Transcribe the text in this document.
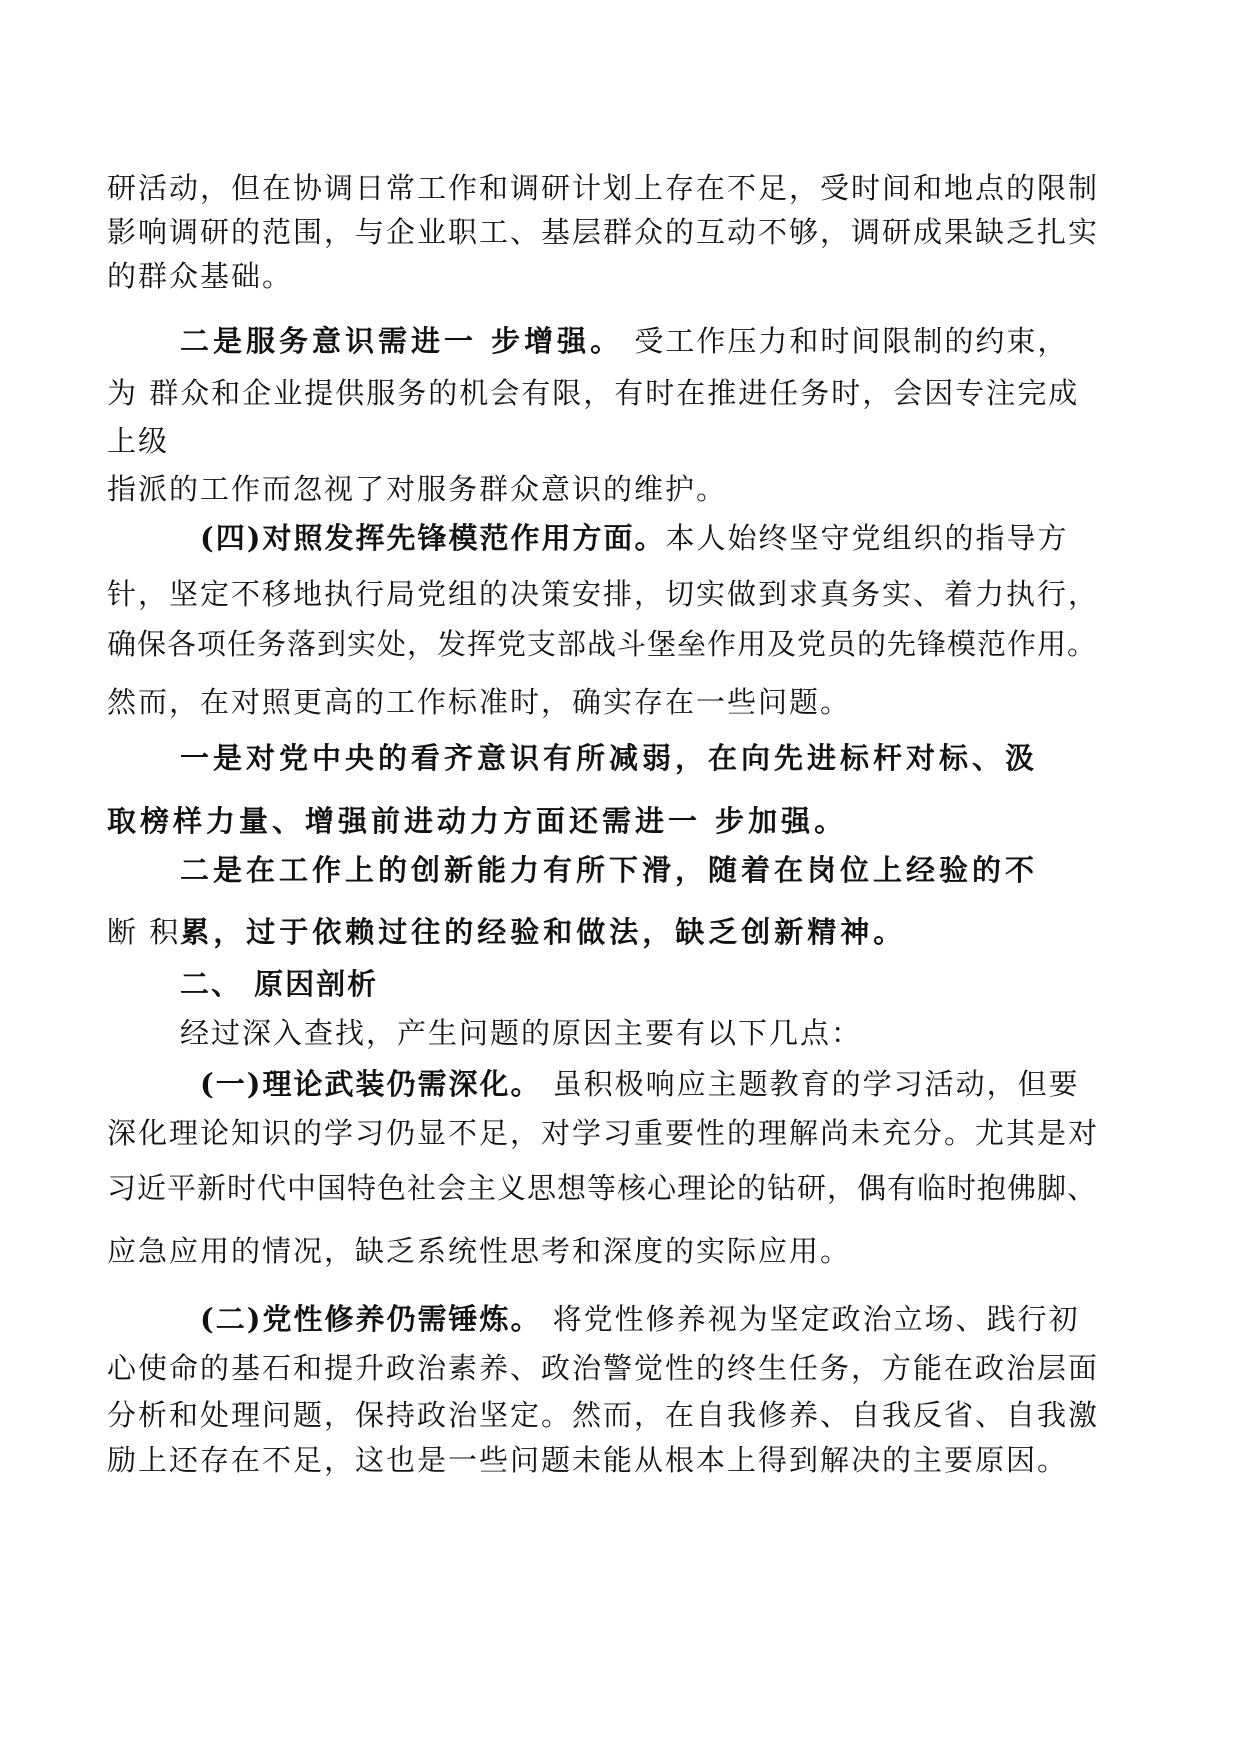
研活动，但在协调日常工作和调研计划上存在不足，受时间和地点的限制

影响调研的范围，与企业职工、基层群众的互动不够，调研成果缺乏扎实

的群众基础。

二是服务意识需进一 步增强。 受工作压力和时间限制的约束，

为 群众和企业提供服务的机会有限，有时在推进任务时，会因专注完成

上级

指派的工作而忽视了对服务群众意识的维护。

(四)对照发挥先锋模范作用方面。本人始终坚守党组织的指导方

针，坚定不移地执行局党组的决策安排，切实做到求真务实、着力执行，

确保各项任务落到实处，发挥党支部战斗堡垒作用及党员的先锋模范作用。

然而，在对照更高的工作标准时，确实存在一些问题。

一是对党中央的看齐意识有所减弱，在向先进标杆对标、汲

取榜样力量、增强前进动力方面还需进一 步加强。

二是在工作上的创新能力有所下滑，随着在岗位上经验的不

断 积累，过于依赖过往的经验和做法，缺乏创新精神。

二、 原因剖析

经过深入查找，产生问题的原因主要有以下几点：

(一)理论武装仍需深化。 虽积极响应主题教育的学习活动，但要

深化理论知识的学习仍显不足，对学习重要性的理解尚未充分。尤其是对

习近平新时代中国特色社会主义思想等核心理论的钻研，偶有临时抱佛脚、

应急应用的情况，缺乏系统性思考和深度的实际应用。

(二)党性修养仍需锤炼。 将党性修养视为坚定政治立场、践行初

心使命的基石和提升政治素养、政治警觉性的终生任务，方能在政治层面

分析和处理问题，保持政治坚定。然而，在自我修养、自我反省、自我激

励上还存在不足，这也是一些问题未能从根本上得到解决的主要原因。
